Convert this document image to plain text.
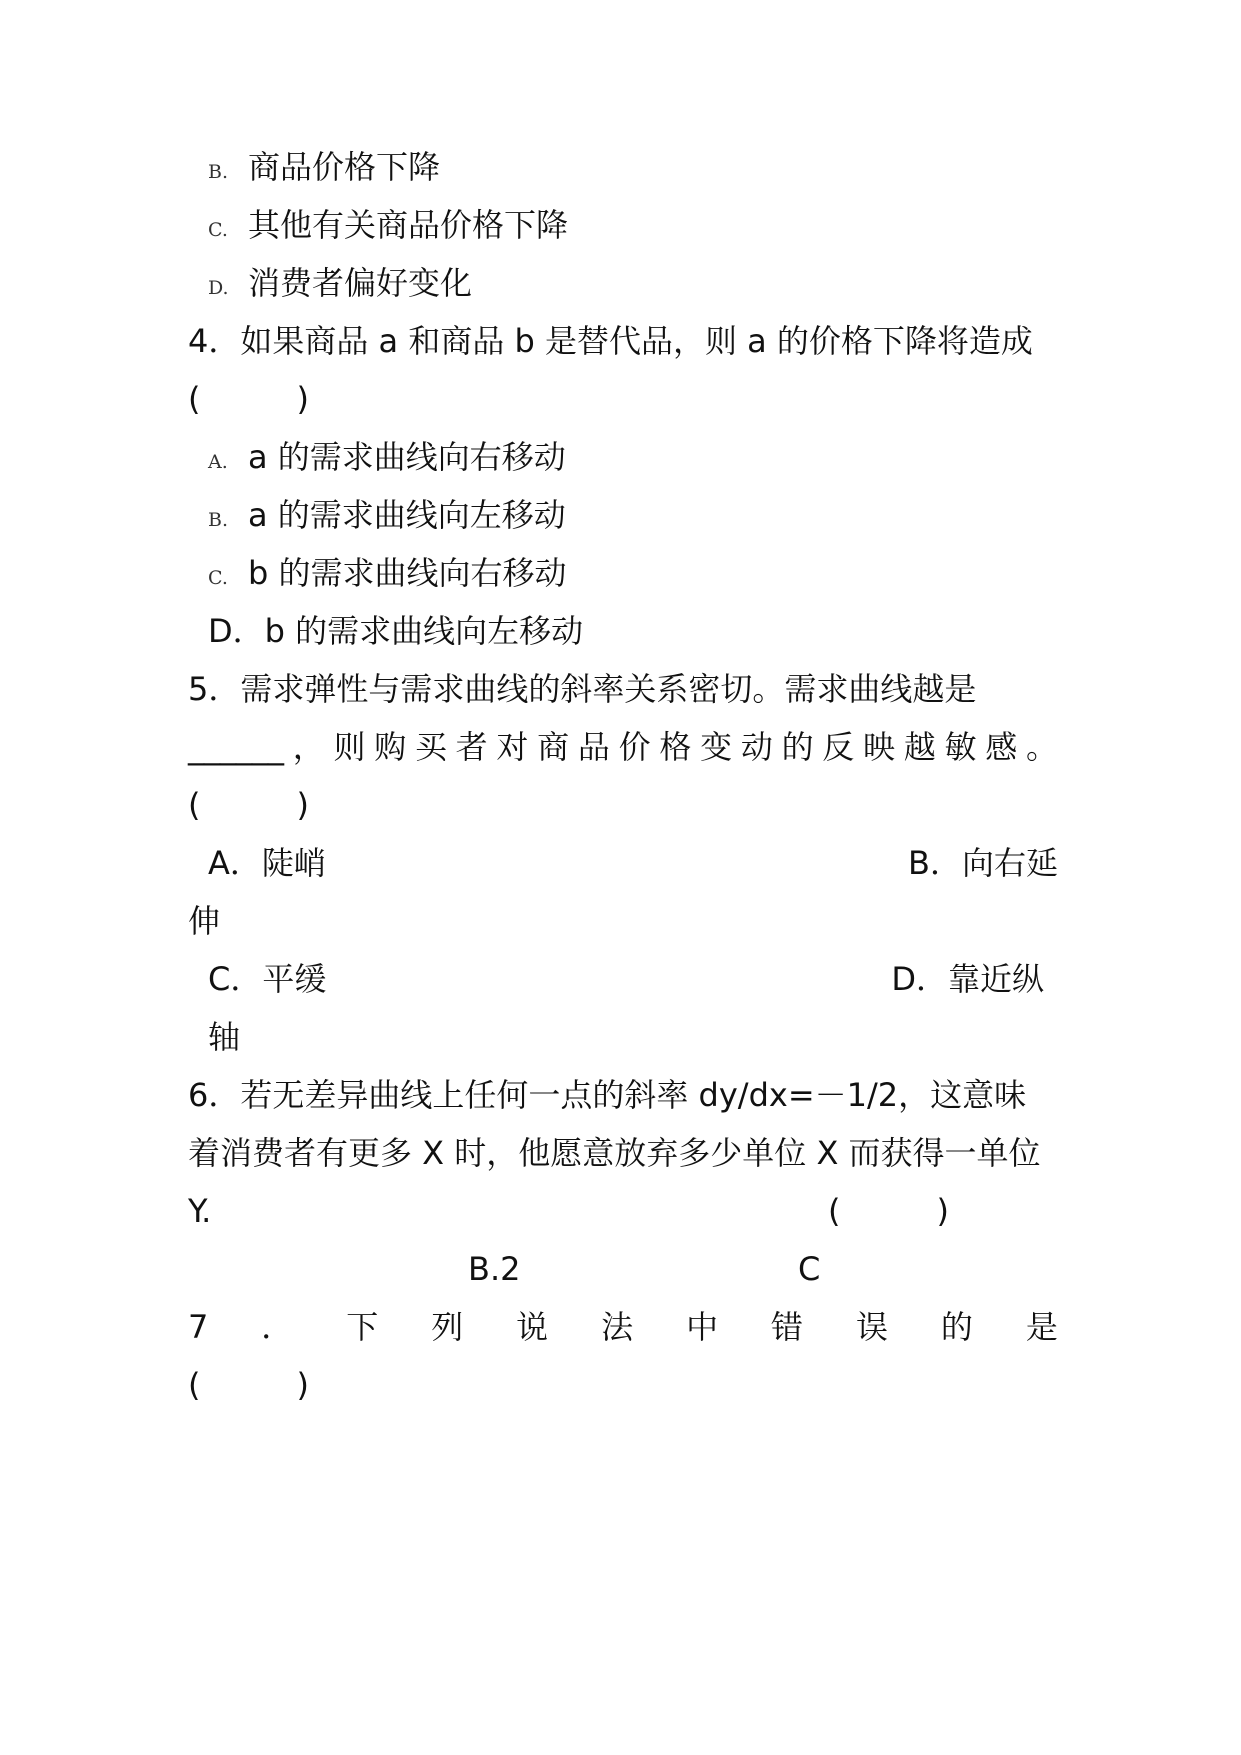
B. 商品价格下降
C. 其他有关商品价格下降
D. 消费者偏好变化
4．如果商品 a 和商品 b 是替代品，则 a 的价格下降将造成
(　　　)
A. a 的需求曲线向右移动
B. a 的需求曲线向左移动
C. b 的需求曲线向右移动
D．b 的需求曲线向左移动
5．需求弹性与需求曲线的斜率关系密切。需求曲线越是
______，则购买者对商品价格变动的反映越敏感。
(　　　)
A．陡峭	B．向右延
伸
C．平缓	D．靠近纵
轴
6．若无差异曲线上任何一点的斜率 dy/dx=－1/2，这意味
着消费者有更多 X 时，他愿意放弃多少单位 X 而获得一单位
Y.	(　　　)
B.2	C
7 ． 下 列 说 法 中 错 误 的 是
(　　　)
